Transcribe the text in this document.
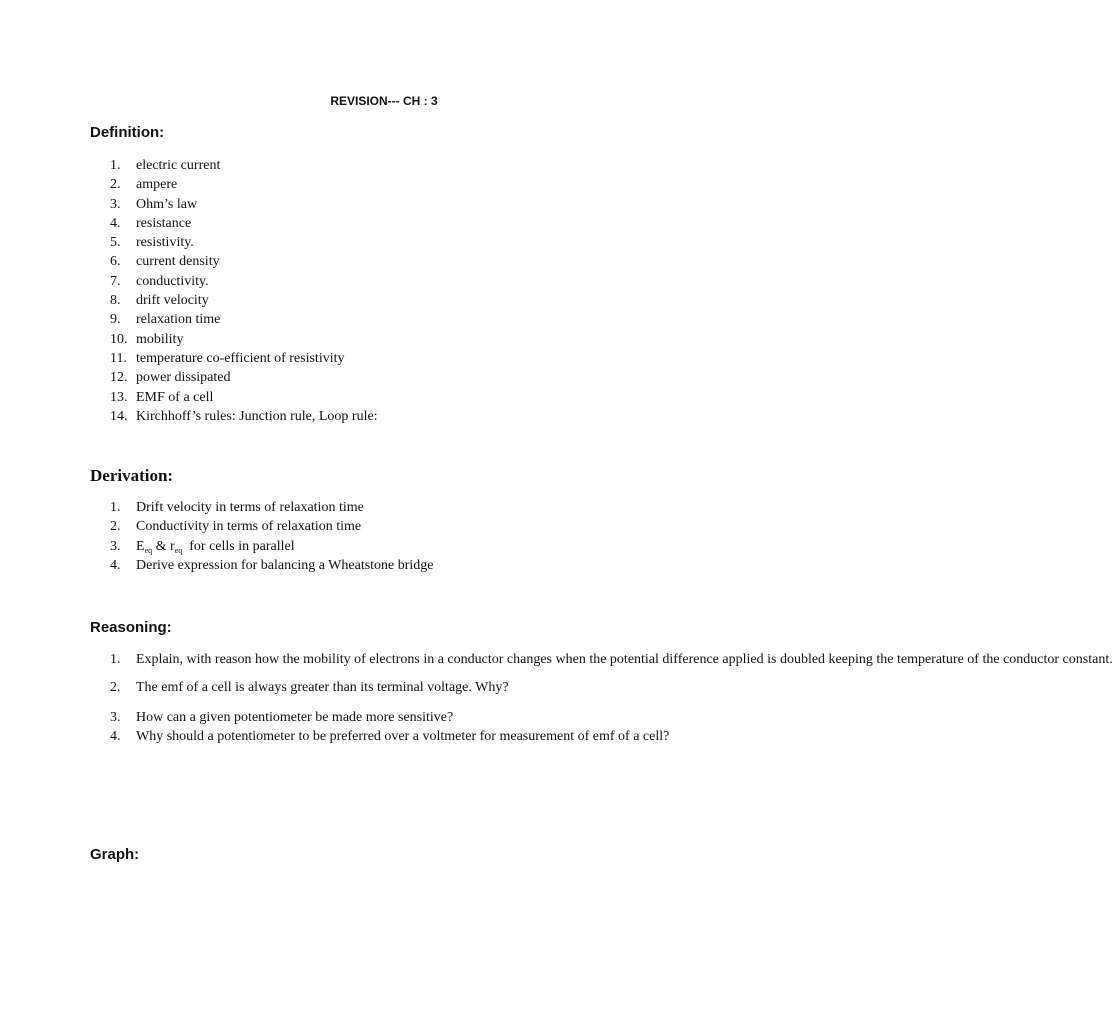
REVISION--- CH : 3
Definition:
1.	electric current
2.	ampere
3.	Ohm’s law
4.	resistance
5.	resistivity.
6.	current density
7.	conductivity.
8.	drift velocity
9.	relaxation time
10. mobility
11. temperature co-efficient of resistivity
12. power dissipated
13. EMF of a cell
14. Kirchhoff’s rules: Junction rule, Loop rule:
Derivation:
1.	Drift velocity in terms of relaxation time
2.	Conductivity in terms of relaxation time
3.	$E_{eq}$ & $r_{eq}$  for cells in parallel
4.	Derive expression for balancing a Wheatstone bridge
Reasoning:
1.	Explain, with reason how the mobility of electrons in a conductor changes when the potential difference applied is doubled keeping the temperature of the conductor constant.
2.	The emf of a cell is always greater than its terminal voltage. Why?
3.	How can a given potentiometer be made more sensitive?
4.	Why should a potentiometer to be preferred over a voltmeter for measurement of emf of a cell?
Graph:
